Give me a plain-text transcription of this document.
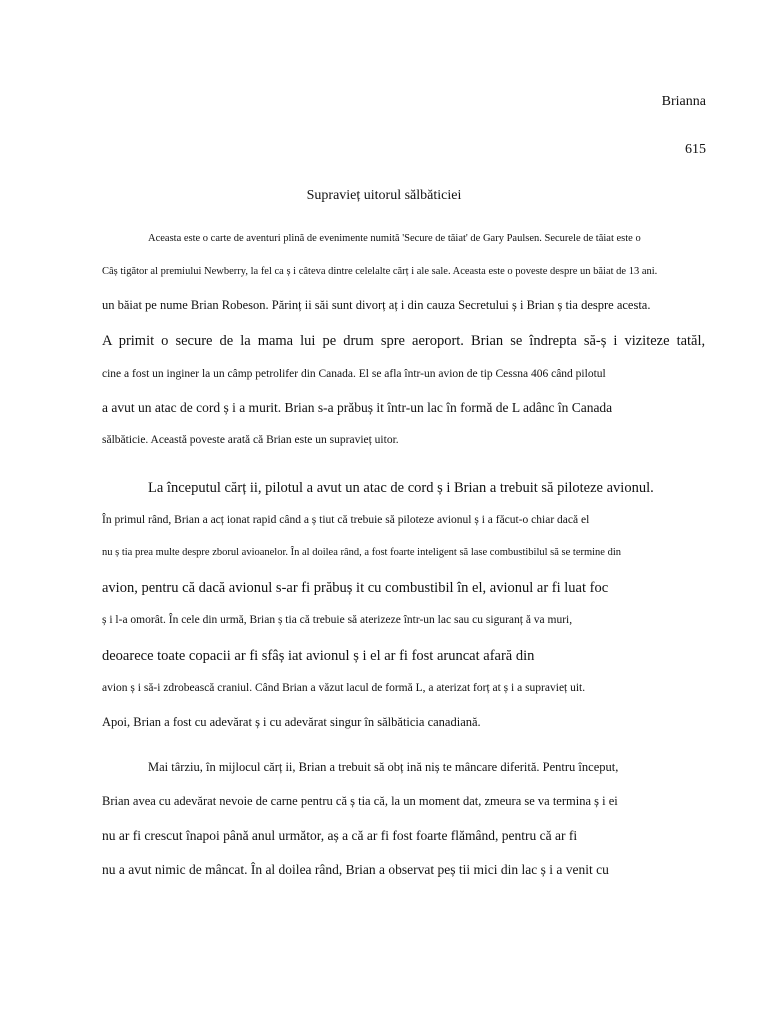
Brianna
615
Supravieț uitorul sălbăticiei
Aceasta este o carte de aventuri plină de evenimente numită 'Secure de tăiat' de Gary Paulsen. Securele de tăiat este o
Câș tigător al premiului Newberry, la fel ca ș i câteva dintre celelalte cărț i ale sale. Aceasta este o poveste despre un băiat de 13 ani.
un băiat pe nume Brian Robeson. Părinț ii săi sunt divorț aț i din cauza Secretului ș i Brian ș tia despre acesta.
A primit o secure de la mama lui pe drum spre aeroport. Brian se îndrepta să-ș i viziteze tatăl,
cine a fost un inginer la un câmp petrolifer din Canada. El se afla într-un avion de tip Cessna 406 când pilotul
a avut un atac de cord ș i a murit. Brian s-a prăbuș it într-un lac în formă de L adânc în Canada
sălbăticie. Această poveste arată că Brian este un supravieț uitor.
La începutul cărț ii, pilotul a avut un atac de cord ș i Brian a trebuit să piloteze avionul.
În primul rând, Brian a acț ionat rapid când a ș tiut că trebuie să piloteze avionul ș i a făcut-o chiar dacă el
nu ș tia prea multe despre zborul avioanelor. În al doilea rând, a fost foarte inteligent să lase combustibilul să se termine din
avion, pentru că dacă avionul s-ar fi prăbuș it cu combustibil în el, avionul ar fi luat foc
ș i l-a omorât. În cele din urmă, Brian ș tia că trebuie să aterizeze într-un lac sau cu siguranț ă va muri,
deoarece toate copacii ar fi sfâș iat avionul ș i el ar fi fost aruncat afară din
avion ș i să-i zdrobească craniul. Când Brian a văzut lacul de formă L, a aterizat forț at ș i a supravieț uit.
Apoi, Brian a fost cu adevărat ș i cu adevărat singur în sălbăticia canadiană.
Mai târziu, în mijlocul cărț ii, Brian a trebuit să obț ină niș te mâncare diferită. Pentru început,
Brian avea cu adevărat nevoie de carne pentru că ș tia că, la un moment dat, zmeura se va termina ș i ei
nu ar fi crescut înapoi până anul următor, aș a că ar fi fost foarte flămând, pentru că ar fi
nu a avut nimic de mâncat. În al doilea rând, Brian a observat peș tii mici din lac ș i a venit cu
